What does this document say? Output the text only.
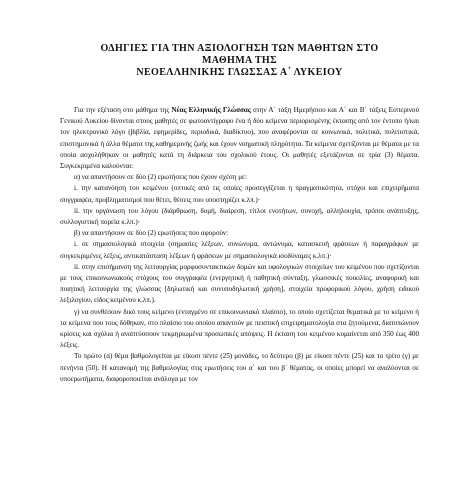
ΟΔΗΓΙΕΣ ΓΙΑ ΤΗΝ ΑΞΙΟΛΟΓΗΣΗ ΤΩΝ ΜΑΘΗΤΩΝ ΣΤΟ
ΜΑΘΗΜΑ ΤΗΣ
ΝΕΟΕΛΛΗΝΙΚΗΣ ΓΛΩΣΣΑΣ Α΄ ΛΥΚΕΙΟΥ

Για την εξέταση στο μάθημα της Νέας Ελληνικής Γλώσσας στην Α΄ τάξη Ημερήσιου και Α΄ και Β΄ τάξεις Εσπερινού Γενικού Λυκείου δίνονται στους μαθητές σε φωτοαντίγραφο ένα ή δύο κείμενα περιορισμένης έκτασης από τον έντυπο ή/και τον ηλεκτρονικό λόγο (βιβλία, εφημερίδες, περιοδικά, διαδίκτυο), που αναφέρονται σε κοινωνικά, πολιτικά, πολιτιστικά, επιστημονικά ή άλλα θέματα της καθημερινής ζωής και έχουν νοηματική πληρότητα. Τα κείμενα σχετίζονται με θέματα με τα οποία ασχολήθηκαν οι μαθητές κατά τη διάρκεια του σχολικού έτους. Οι μαθητές εξετάζονται σε τρία (3) θέματα. Συγκεκριμένα καλούνται:

α) να απαντήσουν σε δύο (2) ερωτήσεις που έχουν σχέση με:

i. την κατανόηση του κειμένου (οπτικές από τις οποίες προσεγγίζεται η πραγματικότητα, στόχοι και επιχειρήματα συγγραφέα, προβληματισμοί που θέτει, θέσεις που υποστηρίζει κ.λπ.)·

ii. την οργάνωση του λόγου (διάρθρωση, δομή, διαίρεση, τίτλοι ενοτήτων, συνοχή, αλληλουχία, τρόποι ανάπτυξης, συλλογιστική πορεία κ.λπ.)·

β) να απαντήσουν σε δύο (2) ερωτήσεις που αφορούν:

i. σε σημασιολογικά στοιχεία (σημασίες λέξεων, συνώνυμα, αντώνυμα, κατασκευή φράσεων ή παραγράφων με συγκεκριμένες λέξεις, αντικατάσταση λέξεων ή φράσεων με σημασιολογικά ισοδύναμες κ.λπ.)·

ii. στην επισήμανση της λειτουργίας μορφοσυντακτικών δομών και υφολογικών στοιχείων του κειμένου που σχετίζονται με τους επικοινωνιακούς στόχους του συγγραφέα (ενεργητική ή παθητική σύνταξη, γλωσσικές ποικιλίες, αναφορική και ποιητική λειτουργία της γλώσσας [δηλωτική και συνυποδηλωτική χρήση], στοιχεία προφορικού λόγου, χρήση ειδικού λεξιλογίου, είδος κειμένου κ.λπ.).

γ) να συνθέσουν δικό τους κείμενο (ενταγμένο σε επικοινωνιακό πλαίσιο), το οποίο σχετίζεται θεματικά με το κείμενο ή τα κείμενα που τους δόθηκαν, στο πλαίσιο του οποίου απαντούν με πειστική επιχειρηματολογία στα ζητούμενα, διατυπώνουν κρίσεις και σχόλια ή αναπτύσσουν τεκμηριωμένα προσωπικές απόψεις. Η έκταση του κειμένου κυμαίνεται από 350 έως 400 λέξεις.

Το πρώτο (α) θέμα βαθμολογείται με είκοσι πέντε (25) μονάδες, το δεύτερο (β) με είκοσι πέντε (25) και το τρίτο (γ) με πενήντα (50). Η κατανομή της βαθμολογίας στις ερωτήσεις του α΄ και του β΄ θέματος, οι οποίες μπορεί να αναλύονται σε υποερωτήματα, διαφοροποιείται ανάλογα με τον
